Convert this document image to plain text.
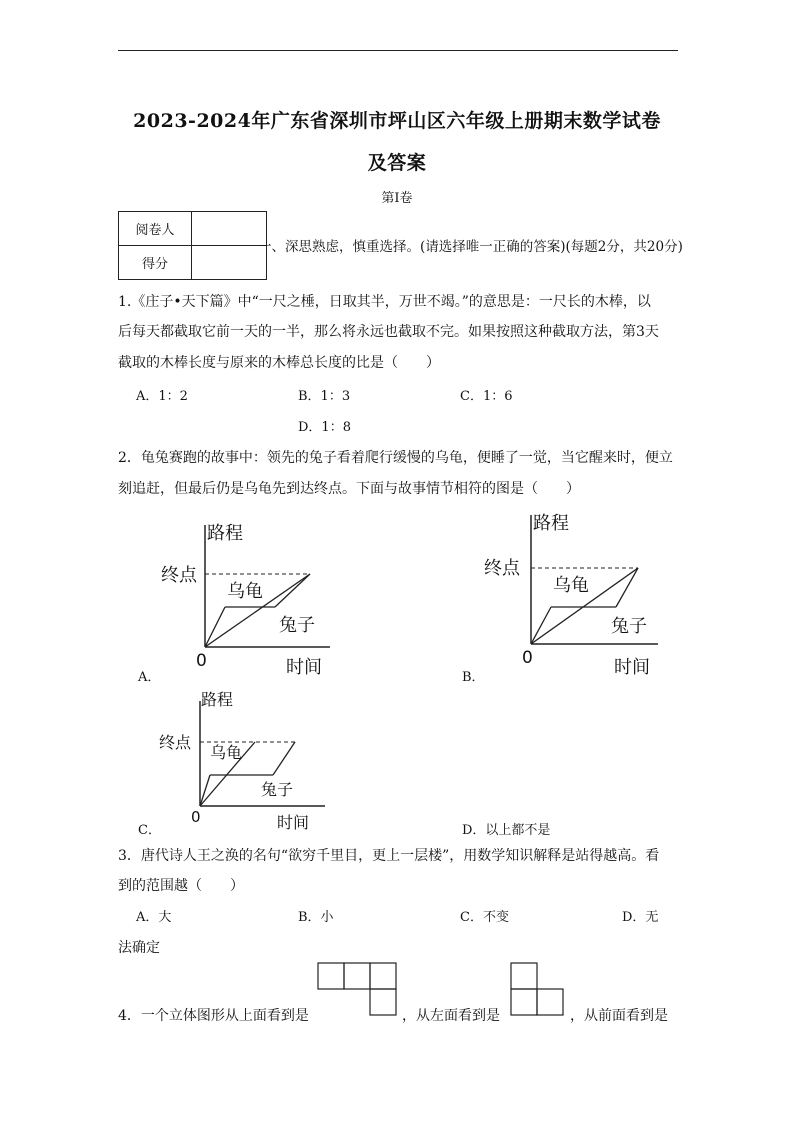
2023-2024年广东省深圳市坪山区六年级上册期末数学试卷
及答案
第Ⅰ卷
阅卷人	
得分	
一、深思熟虑，慎重选择。(请选择唯一正确的答案)(每题2分，共20分)
1.《庄子•天下篇》中“一尺之棰，日取其半，万世不竭。”的意思是：一尺长的木棒，以
后每天都截取它前一天的一半，那么将永远也截取不完。如果按照这种截取方法，第3天
截取的木棒长度与原来的木棒总长度的比是（　　）
A．1：2	B．1：3	C．1：6
D．1：8
2．龟兔赛跑的故事中：领先的兔子看着爬行缓慢的乌龟，便睡了一觉，当它醒来时，便立
刻追赶，但最后仍是乌龟先到达终点。下面与故事情节相符的图是（　　）
路程
终点
乌龟
兔子
0	时间
A．
路程
终点
乌龟
兔子
0	时间
B．
路程
终点
乌龟
兔子
0	时间
C．	D．以上都不是
3．唐代诗人王之涣的名句“欲穷千里目，更上一层楼”，用数学知识解释是站得越高。看
到的范围越（　　）
A．大	B．小	C．不变	D．无
法确定
4．一个立体图形从上面看到是	，从左面看到是	，从前面看到是
